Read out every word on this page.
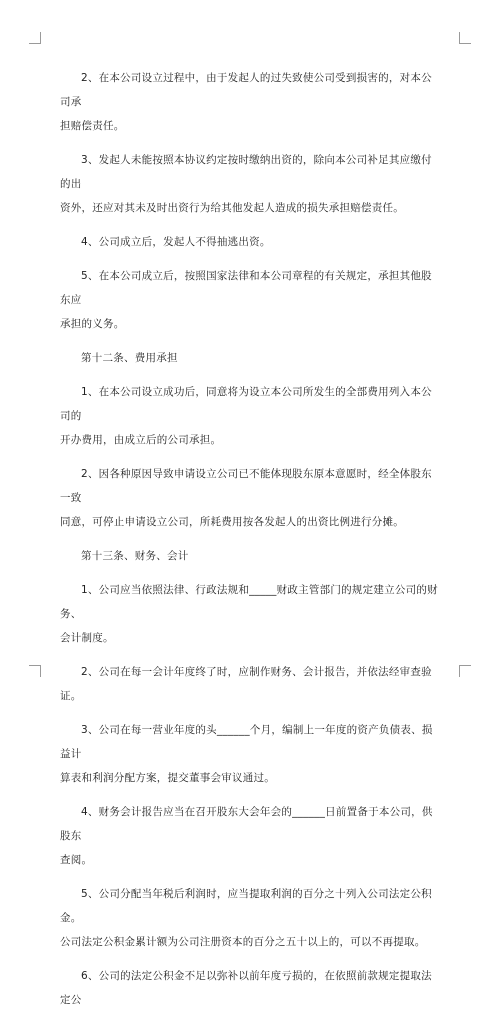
2、在本公司设立过程中，由于发起人的过失致使公司受到损害的，对本公司承
担赔偿责任。

3、发起人未能按照本协议约定按时缴纳出资的，除向本公司补足其应缴付的出
资外，还应对其未及时出资行为给其他发起人造成的损失承担赔偿责任。

4、公司成立后，发起人不得抽逃出资。

5、在本公司成立后，按照国家法律和本公司章程的有关规定，承担其他股东应
承担的义务。

第十二条、费用承担

1、在本公司设立成功后，同意将为设立本公司所发生的全部费用列入本公司的
开办费用，由成立后的公司承担。

2、因各种原因导致申请设立公司已不能体现股东原本意愿时，经全体股东一致
同意，可停止申请设立公司，所耗费用按各发起人的出资比例进行分摊。

第十三条、财务、会计

1、公司应当依照法律、行政法规和_____财政主管部门的规定建立公司的财务、
会计制度。

2、公司在每一会计年度终了时，应制作财务、会计报告，并依法经审查验证。

3、公司在每一营业年度的头______个月，编制上一年度的资产负债表、损益计
算表和利润分配方案，提交董事会审议通过。

4、财务会计报告应当在召开股东大会年会的______日前置备于本公司，供股东
查阅。

5、公司分配当年税后利润时，应当提取利润的百分之十列入公司法定公积金。
公司法定公积金累计额为公司注册资本的百分之五十以上的，可以不再提取。

6、公司的法定公积金不足以弥补以前年度亏损的，在依照前款规定提取法定公
